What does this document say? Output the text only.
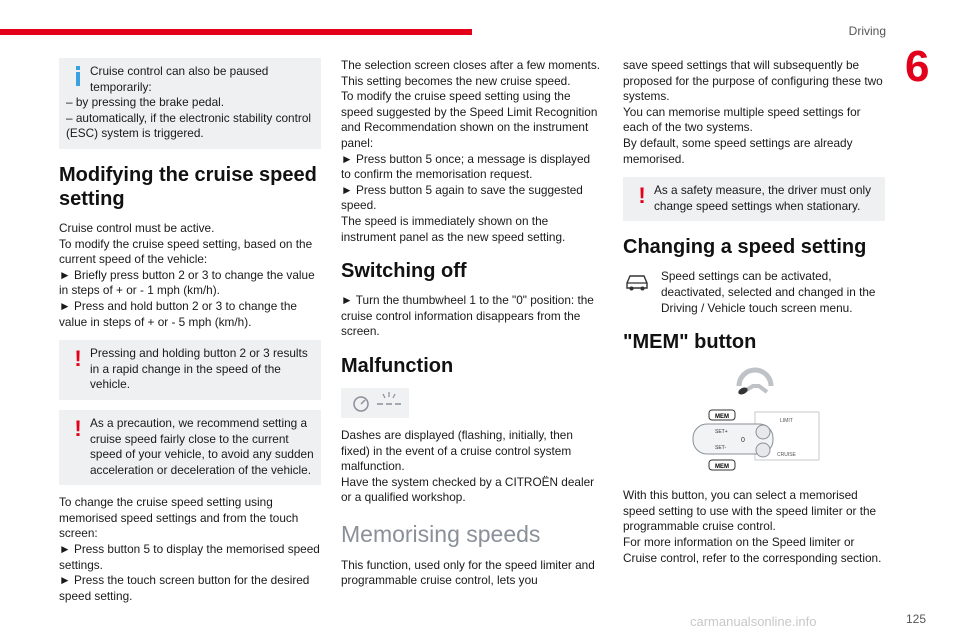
Driving
6

Cruise control can also be paused temporarily:

– by pressing the brake pedal.

– automatically, if the electronic stability control (ESC) system is triggered.

Modifying the cruise speed setting

Cruise control must be active.

To modify the cruise speed setting, based on the current speed of the vehicle:

► Briefly press button 2 or 3 to change the value in steps of + or - 1 mph (km/h).

► Press and hold button 2 or 3 to change the value in steps of + or - 5 mph (km/h).

! Pressing and holding button 2 or 3 results in a rapid change in the speed of the vehicle.

! As a precaution, we recommend setting a cruise speed fairly close to the current speed of your vehicle, to avoid any sudden acceleration or deceleration of the vehicle.

To change the cruise speed setting using memorised speed settings and from the touch screen:

► Press button 5 to display the memorised speed settings.

► Press the touch screen button for the desired speed setting.

The selection screen closes after a few moments.

This setting becomes the new cruise speed.

To modify the cruise speed setting using the speed suggested by the Speed Limit Recognition and Recommendation shown on the instrument panel:

► Press button 5 once; a message is displayed to confirm the memorisation request.

► Press button 5 again to save the suggested speed.

The speed is immediately shown on the instrument panel as the new speed setting.

Switching off

► Turn the thumbwheel 1 to the "0" position: the cruise control information disappears from the screen.

Malfunction

Dashes are displayed (flashing, initially, then fixed) in the event of a cruise control system malfunction.

Have the system checked by a CITROËN dealer or a qualified workshop.

Memorising speeds

This function, used only for the speed limiter and programmable cruise control, lets you

save speed settings that will subsequently be proposed for the purpose of configuring these two systems.

You can memorise multiple speed settings for each of the two systems.

By default, some speed settings are already memorised.

! As a safety measure, the driver must only change speed settings when stationary.

Changing a speed setting

Speed settings can be activated, deactivated, selected and changed in the Driving / Vehicle touch screen menu.

"MEM" button
MEM
SET+
SET-
0
LIMIT
CRUISE
MEM

With this button, you can select a memorised speed setting to use with the speed limiter or the programmable cruise control.

For more information on the Speed limiter or Cruise control, refer to the corresponding section.

carmanualsonline.info	125
